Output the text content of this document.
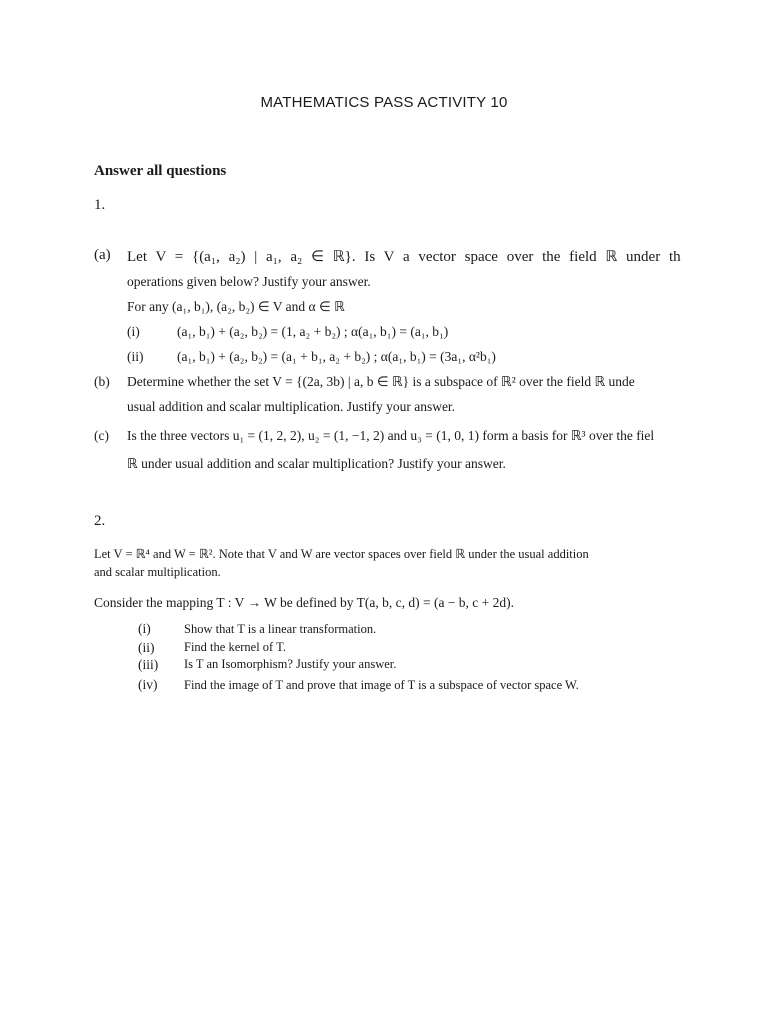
MATHEMATICS PASS ACTIVITY 10
Answer all questions
1.
(a) Let V = {(a₁, a₂) | a₁, a₂ ∈ ℝ}. Is V a vector space over the field ℝ under th
operations given below? Justify your answer.
For any (a₁, b₁), (a₂, b₂) ∈ V and α ∈ ℝ
(i)	(a₁, b₁) + (a₂, b₂) = (1, a₂ + b₂) ; α(a₁, b₁) = (a₁, b₁)
(ii) (a₁, b₁) + (a₂, b₂) = (a₁ + b₁, a₂ + b₂) ; α(a₁, b₁) = (3a₁, α²b₁)
(b) Determine whether the set V = {(2a, 3b) | a, b ∈ ℝ} is a subspace of ℝ² over the field ℝ unde
usual addition and scalar multiplication. Justify your answer.
(c) Is the three vectors u₁ = (1, 2, 2), u₂ = (1, −1, 2) and u₃ = (1, 0, 1) form a basis for ℝ³ over the fiel
ℝ under usual addition and scalar multiplication? Justify your answer.
2.
Let V = ℝ⁴ and W = ℝ². Note that V and W are vector spaces over field ℝ under the usual addition
and scalar multiplication.
Consider the mapping T : V → W be defined by T(a, b, c, d) = (a − b, c + 2d).
(i)	Show that T is a linear transformation.
(ii) Find the kernel of T.
(iii) Is T an Isomorphism? Justify your answer.
(iv) Find the image of T and prove that image of T is a subspace of vector space W.
